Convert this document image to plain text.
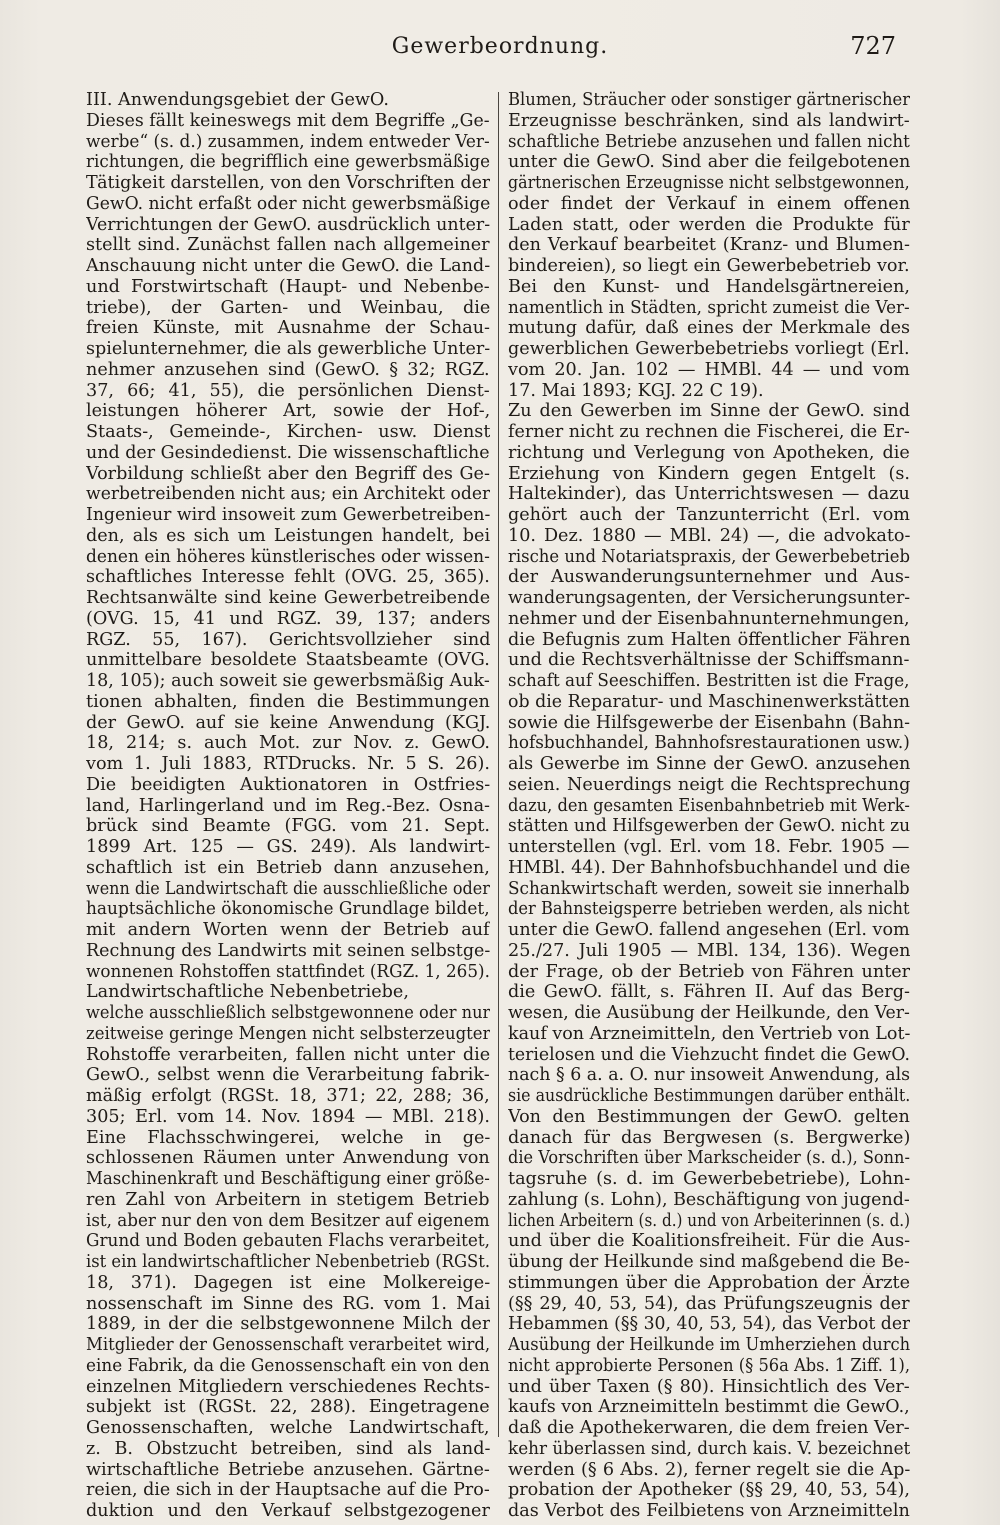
Gewerbeordnung.	727

III. Anwendungsgebiet der GewO.

Dieses fällt keineswegs mit dem Begriffe „Ge-

werbe“ (s. d.) zusammen, indem entweder Ver-

richtungen, die begrifflich eine gewerbsmäßige

Tätigkeit darstellen, von den Vorschriften der

GewO. nicht erfaßt oder nicht gewerbsmäßige

Verrichtungen der GewO. ausdrücklich unter-

stellt sind. Zunächst fallen nach allgemeiner

Anschauung nicht unter die GewO. die Land-

und Forstwirtschaft (Haupt- und Nebenbe-

triebe), der Garten- und Weinbau, die

freien Künste, mit Ausnahme der Schau-

spielunternehmer, die als gewerbliche Unter-

nehmer anzusehen sind (GewO. § 32; RGZ.

37, 66; 41, 55), die persönlichen Dienst-

leistungen höherer Art, sowie der Hof-,

Staats-, Gemeinde-, Kirchen- usw. Dienst

und der Gesindedienst. Die wissenschaftliche

Vorbildung schließt aber den Begriff des Ge-

werbetreibenden nicht aus; ein Architekt oder

Ingenieur wird insoweit zum Gewerbetreiben-

den, als es sich um Leistungen handelt, bei

denen ein höheres künstlerisches oder wissen-

schaftliches Interesse fehlt (OVG. 25, 365).

Rechtsanwälte sind keine Gewerbetreibende

(OVG. 15, 41 und RGZ. 39, 137; anders

RGZ. 55, 167). Gerichtsvollzieher sind

unmittelbare besoldete Staatsbeamte (OVG.

18, 105); auch soweit sie gewerbsmäßig Auk-

tionen abhalten, finden die Bestimmungen

der GewO. auf sie keine Anwendung (KGJ.

18, 214; s. auch Mot. zur Nov. z. GewO.

vom 1. Juli 1883, RTDrucks. Nr. 5 S. 26).

Die beeidigten Auktionatoren in Ostfries-

land, Harlingerland und im Reg.-Bez. Osna-

brück sind Beamte (FGG. vom 21. Sept.

1899 Art. 125 — GS. 249). Als landwirt-

schaftlich ist ein Betrieb dann anzusehen,

wenn die Landwirtschaft die ausschließliche oder

hauptsächliche ökonomische Grundlage bildet,

mit andern Worten wenn der Betrieb auf

Rechnung des Landwirts mit seinen selbstge-

wonnenen Rohstoffen stattfindet (RGZ. 1, 265).

Landwirtschaftliche Nebenbetriebe,

welche ausschließlich selbstgewonnene oder nur

zeitweise geringe Mengen nicht selbsterzeugter

Rohstoffe verarbeiten, fallen nicht unter die

GewO., selbst wenn die Verarbeitung fabrik-

mäßig erfolgt (RGSt. 18, 371; 22, 288; 36,

305; Erl. vom 14. Nov. 1894 — MBl. 218).

Eine Flachsschwingerei, welche in ge-

schlossenen Räumen unter Anwendung von

Maschinenkraft und Beschäftigung einer größe-

ren Zahl von Arbeitern in stetigem Betrieb

ist, aber nur den von dem Besitzer auf eigenem

Grund und Boden gebauten Flachs verarbeitet,

ist ein landwirtschaftlicher Nebenbetrieb (RGSt.

18, 371). Dagegen ist eine Molkereige-

nossenschaft im Sinne des RG. vom 1. Mai

1889, in der die selbstgewonnene Milch der

Mitglieder der Genossenschaft verarbeitet wird,

eine Fabrik, da die Genossenschaft ein von den

einzelnen Mitgliedern verschiedenes Rechts-

subjekt ist (RGSt. 22, 288). Eingetragene

Genossenschaften, welche Landwirtschaft,

z. B. Obstzucht betreiben, sind als land-

wirtschaftliche Betriebe anzusehen. Gärtne-

reien, die sich in der Hauptsache auf die Pro-

duktion und den Verkauf selbstgezogener

Blumen, Sträucher oder sonstiger gärtnerischer

Erzeugnisse beschränken, sind als landwirt-

schaftliche Betriebe anzusehen und fallen nicht

unter die GewO. Sind aber die feilgebotenen

gärtnerischen Erzeugnisse nicht selbstgewonnen,

oder findet der Verkauf in einem offenen

Laden statt, oder werden die Produkte für

den Verkauf bearbeitet (Kranz- und Blumen-

bindereien), so liegt ein Gewerbebetrieb vor.

Bei den Kunst- und Handelsgärtnereien,

namentlich in Städten, spricht zumeist die Ver-

mutung dafür, daß eines der Merkmale des

gewerblichen Gewerbebetriebs vorliegt (Erl.

vom 20. Jan. 102 — HMBl. 44 — und vom

17. Mai 1893; KGJ. 22 C 19).

Zu den Gewerben im Sinne der GewO. sind

ferner nicht zu rechnen die Fischerei, die Er-

richtung und Verlegung von Apotheken, die

Erziehung von Kindern gegen Entgelt (s.

Haltekinder), das Unterrichtswesen — dazu

gehört auch der Tanzunterricht (Erl. vom

10. Dez. 1880 — MBl. 24) —, die advokato-

rische und Notariatspraxis, der Gewerbebetrieb

der Auswanderungsunternehmer und Aus-

wanderungsagenten, der Versicherungsunter-

nehmer und der Eisenbahnunternehmungen,

die Befugnis zum Halten öffentlicher Fähren

und die Rechtsverhältnisse der Schiffsmann-

schaft auf Seeschiffen. Bestritten ist die Frage,

ob die Reparatur- und Maschinenwerkstätten

sowie die Hilfsgewerbe der Eisenbahn (Bahn-

hofsbuchhandel, Bahnhofsrestaurationen usw.)

als Gewerbe im Sinne der GewO. anzusehen

seien. Neuerdings neigt die Rechtsprechung

dazu, den gesamten Eisenbahnbetrieb mit Werk-

stätten und Hilfsgewerben der GewO. nicht zu

unterstellen (vgl. Erl. vom 18. Febr. 1905 —

HMBl. 44). Der Bahnhofsbuchhandel und die

Schankwirtschaft werden, soweit sie innerhalb

der Bahnsteigsperre betrieben werden, als nicht

unter die GewO. fallend angesehen (Erl. vom

25./27. Juli 1905 — MBl. 134, 136). Wegen

der Frage, ob der Betrieb von Fähren unter

die GewO. fällt, s. Fähren II. Auf das Berg-

wesen, die Ausübung der Heilkunde, den Ver-

kauf von Arzneimitteln, den Vertrieb von Lot-

terielosen und die Viehzucht findet die GewO.

nach § 6 a. a. O. nur insoweit Anwendung, als

sie ausdrückliche Bestimmungen darüber enthält.

Von den Bestimmungen der GewO. gelten

danach für das Bergwesen (s. Bergwerke)

die Vorschriften über Markscheider (s. d.), Sonn-

tagsruhe (s. d. im Gewerbebetriebe), Lohn-

zahlung (s. Lohn), Beschäftigung von jugend-

lichen Arbeitern (s. d.) und von Arbeiterinnen (s. d.)

und über die Koalitionsfreiheit. Für die Aus-

übung der Heilkunde sind maßgebend die Be-

stimmungen über die Approbation der Ärzte

(§§ 29, 40, 53, 54), das Prüfungszeugnis der

Hebammen (§§ 30, 40, 53, 54), das Verbot der

Ausübung der Heilkunde im Umherziehen durch

nicht approbierte Personen (§ 56a Abs. 1 Ziff. 1),

und über Taxen (§ 80). Hinsichtlich des Ver-

kaufs von Arzneimitteln bestimmt die GewO.,

daß die Apothekerwaren, die dem freien Ver-

kehr überlassen sind, durch kais. V. bezeichnet

werden (§ 6 Abs. 2), ferner regelt sie die Ap-

probation der Apotheker (§§ 29, 40, 53, 54),

das Verbot des Feilbietens von Arzneimitteln
